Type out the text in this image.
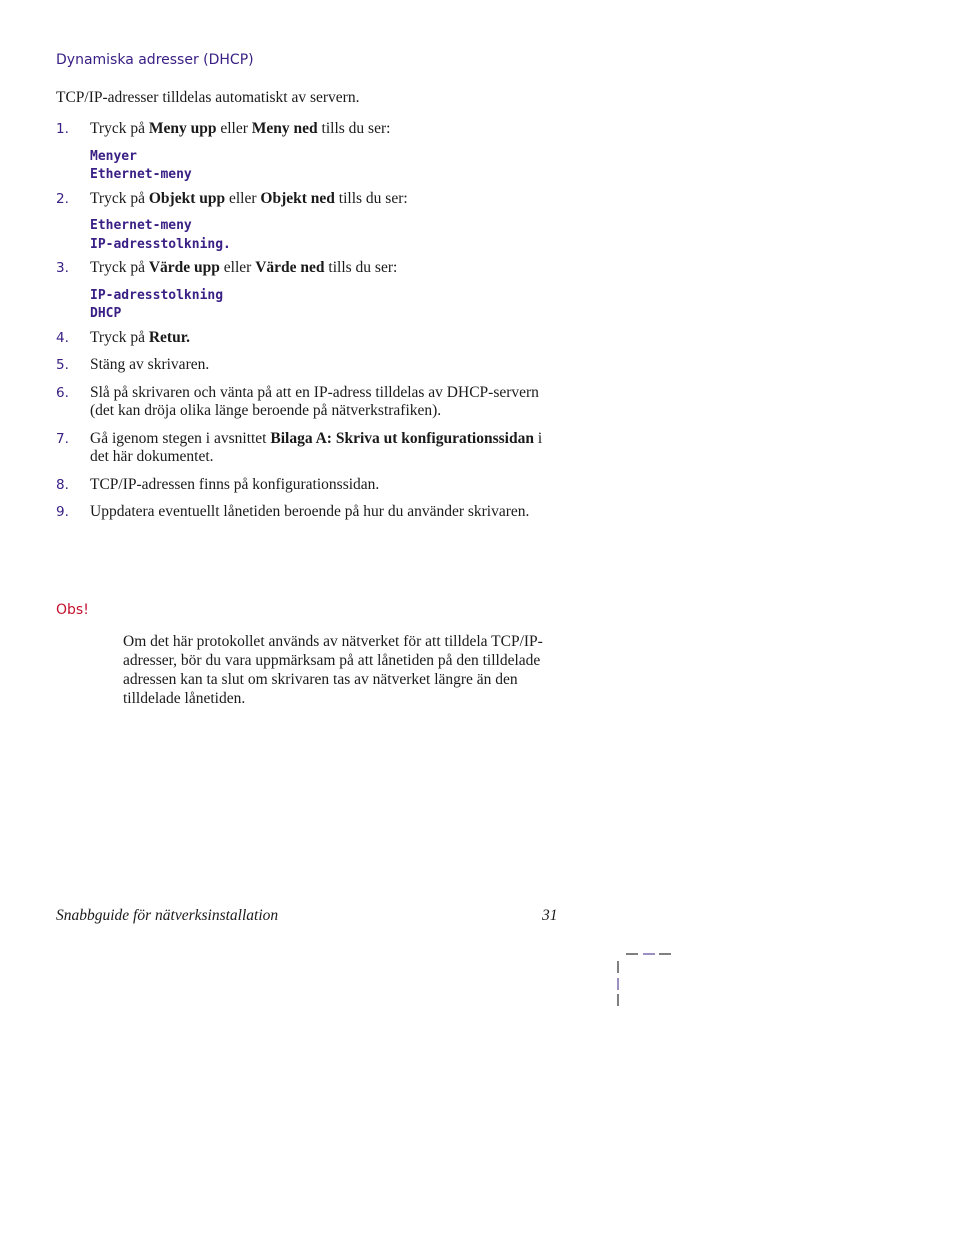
Dynamiska adresser (DHCP)
TCP/IP-adresser tilldelas automatiskt av servern.
1. Tryck på Meny upp eller Meny ned tills du ser:
Menyer
Ethernet-meny
2. Tryck på Objekt upp eller Objekt ned tills du ser:
Ethernet-meny
IP-adresstolkning.
3. Tryck på Värde upp eller Värde ned tills du ser:
IP-adresstolkning
DHCP
4. Tryck på Retur.
5. Stäng av skrivaren.
6. Slå på skrivaren och vänta på att en IP-adress tilldelas av DHCP-servern (det kan dröja olika länge beroende på nätverkstrafiken).
7. Gå igenom stegen i avsnittet Bilaga A: Skriva ut konfigurationssidan i det här dokumentet.
8. TCP/IP-adressen finns på konfigurationssidan.
9. Uppdatera eventuellt lånetiden beroende på hur du använder skrivaren.
Obs!
Om det här protokollet används av nätverket för att tilldela TCP/IP-adresser, bör du vara uppmärksam på att lånetiden på den tilldelade adressen kan ta slut om skrivaren tas av nätverket längre än den tilldelade lånetiden.
Snabbguide för nätverksinstallation	31
